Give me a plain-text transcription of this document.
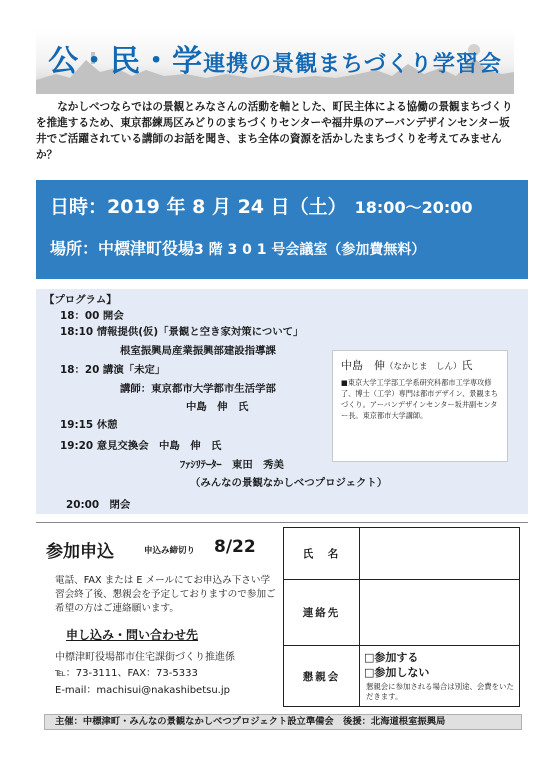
公・民・学連携の景観まちづくり学習会
なかしべつならではの景観とみなさんの活動を軸とした、町民主体による協働の景観まちづくりを推進するため、東京都練馬区みどりのまちづくりセンターや福井県のアーバンデザインセンター坂井でご活躍されている講師のお話を聞き、まち全体の資源を活かしたまちづくりを考えてみませんか？
日時：2019 年 8 月 24 日（土） 18:00～20:00
場所：中標津町役場3 階 3 0 1 号会議室（参加費無料）
【プログラム】
18：00 開会
18:10 情報提供(仮)「景観と空き家対策について」
根室振興局産業振興部建設指導課
18：20 講演「未定」
講師：東京都市大学都市生活学部
中島　伸　氏
19:15 休憩
19:20 意見交換会　中島　伸　氏
ﾌｧｼﾘﾃｰﾀｰ　東田　秀美
（みんなの景観なかしべつプロジェクト）
20:00　閉会
中島　伸（なかじま　しん）氏
■東京大学工学部工学系研究科都市工学専攻修了、博士（工学）専門は都市デザイン、景観まちづくり。アーバンデザインセンター坂井副センター長。東京都市大学講師。
参加申込	申込み締切り 8/22
電話、FAX または E メールにてお申込み下さい学習会終了後、懇親会を予定しておりますので参加ご希望の方はご連絡願います。
申し込み・問い合わせ先
中標津町役場都市住宅課街づくり推進係
℡：73-3111、FAX：73-5333
E-mail：machisui@nakashibetsu.jp
氏　名	
連絡先	
懇親会	□参加する
□参加しない
懇親会に参加される場合は別途、会費をいただきます。
主催：中標津町・みんなの景観なかしべつプロジェクト設立準備会　後援：北海道根室振興局
